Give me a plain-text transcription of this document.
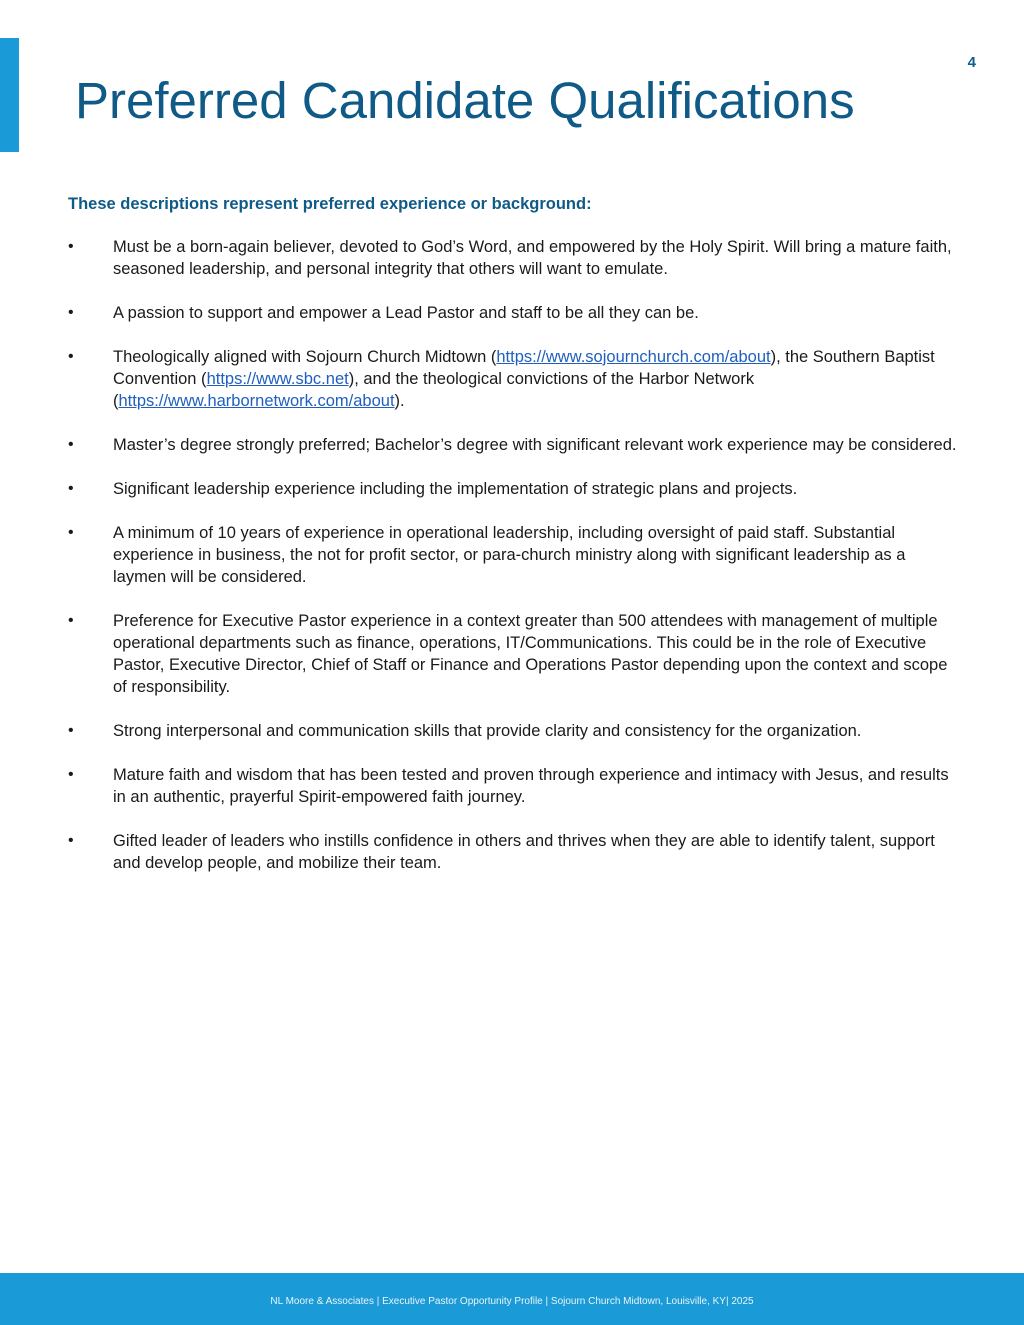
4
Preferred Candidate Qualifications

These descriptions represent preferred experience or background:

• Must be a born-again believer, devoted to God’s Word, and empowered by the Holy Spirit. Will bring a mature faith, seasoned leadership, and personal integrity that others will want to emulate.
• A passion to support and empower a Lead Pastor and staff to be all they can be.
• Theologically aligned with Sojourn Church Midtown (https://www.sojournchurch.com/about), the Southern Baptist Convention (https://www.sbc.net), and the theological convictions of the Harbor Network (https://www.harbornetwork.com/about).
• Master’s degree strongly preferred; Bachelor’s degree with significant relevant work experience may be considered.
• Significant leadership experience including the implementation of strategic plans and projects.
• A minimum of 10 years of experience in operational leadership, including oversight of paid staff. Substantial experience in business, the not for profit sector, or para-church ministry along with significant leadership as a laymen will be considered.
• Preference for Executive Pastor experience in a context greater than 500 attendees with management of multiple operational departments such as finance, operations, IT/Communications. This could be in the role of Executive Pastor, Executive Director, Chief of Staff or Finance and Operations Pastor depending upon the context and scope of responsibility.
• Strong interpersonal and communication skills that provide clarity and consistency for the organization.
• Mature faith and wisdom that has been tested and proven through experience and intimacy with Jesus, and results in an authentic, prayerful Spirit-empowered faith journey.
• Gifted leader of leaders who instills confidence in others and thrives when they are able to identify talent, support and develop people, and mobilize their team.
NL Moore & Associates | Executive Pastor Opportunity Profile | Sojourn Church Midtown, Louisville, KY| 2025
